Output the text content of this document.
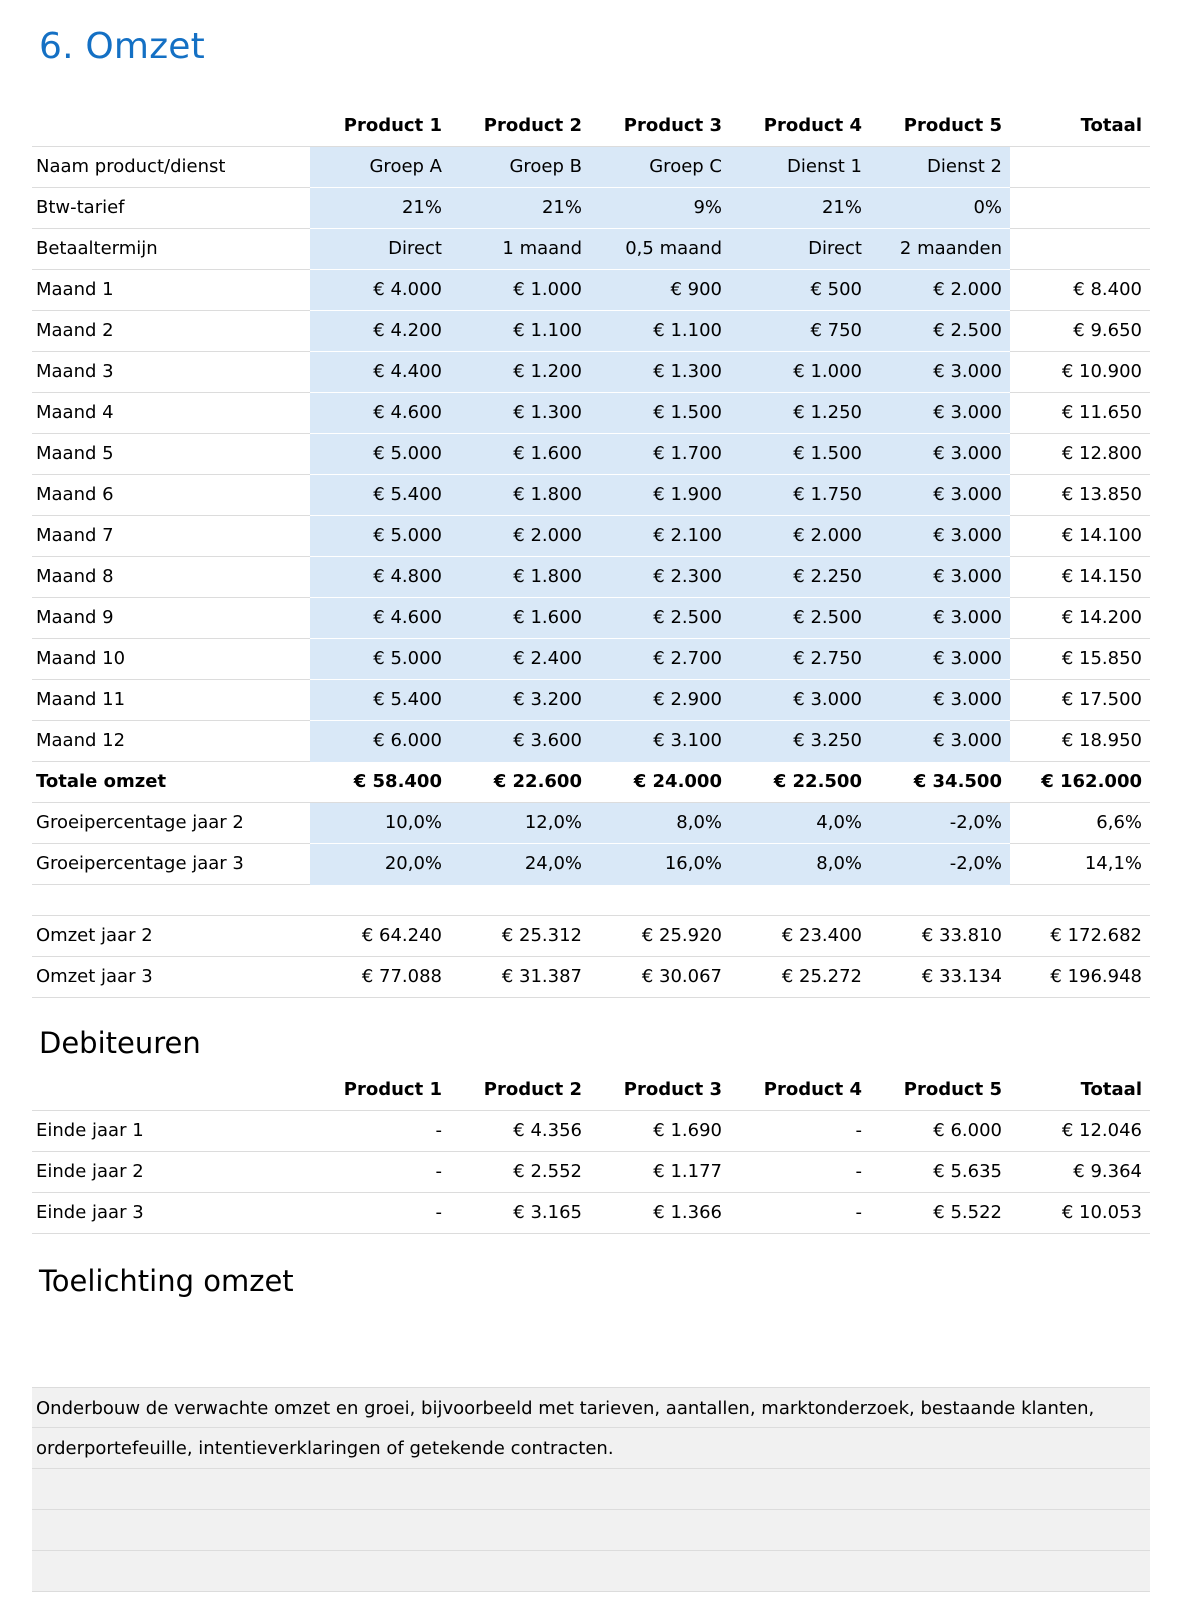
6. Omzet
	Product 1	Product 2	Product 3	Product 4	Product 5	Totaal
Naam product/dienst	Groep A	Groep B	Groep C	Dienst 1	Dienst 2	
Btw-tarief	21%	21%	9%	21%	0%	
Betaaltermijn	Direct	1 maand	0,5 maand	Direct	2 maanden	
Maand 1	€ 4.000	€ 1.000	€ 900	€ 500	€ 2.000	€ 8.400
Maand 2	€ 4.200	€ 1.100	€ 1.100	€ 750	€ 2.500	€ 9.650
Maand 3	€ 4.400	€ 1.200	€ 1.300	€ 1.000	€ 3.000	€ 10.900
Maand 4	€ 4.600	€ 1.300	€ 1.500	€ 1.250	€ 3.000	€ 11.650
Maand 5	€ 5.000	€ 1.600	€ 1.700	€ 1.500	€ 3.000	€ 12.800
Maand 6	€ 5.400	€ 1.800	€ 1.900	€ 1.750	€ 3.000	€ 13.850
Maand 7	€ 5.000	€ 2.000	€ 2.100	€ 2.000	€ 3.000	€ 14.100
Maand 8	€ 4.800	€ 1.800	€ 2.300	€ 2.250	€ 3.000	€ 14.150
Maand 9	€ 4.600	€ 1.600	€ 2.500	€ 2.500	€ 3.000	€ 14.200
Maand 10	€ 5.000	€ 2.400	€ 2.700	€ 2.750	€ 3.000	€ 15.850
Maand 11	€ 5.400	€ 3.200	€ 2.900	€ 3.000	€ 3.000	€ 17.500
Maand 12	€ 6.000	€ 3.600	€ 3.100	€ 3.250	€ 3.000	€ 18.950
Totale omzet	€ 58.400	€ 22.600	€ 24.000	€ 22.500	€ 34.500	€ 162.000
Groeipercentage jaar 2	10,0%	12,0%	8,0%	4,0%	-2,0%	6,6%
Groeipercentage jaar 3	20,0%	24,0%	16,0%	8,0%	-2,0%	14,1%

Omzet jaar 2	€ 64.240	€ 25.312	€ 25.920	€ 23.400	€ 33.810	€ 172.682
Omzet jaar 3	€ 77.088	€ 31.387	€ 30.067	€ 25.272	€ 33.134	€ 196.948
Debiteuren
	Product 1	Product 2	Product 3	Product 4	Product 5	Totaal
Einde jaar 1	-	€ 4.356	€ 1.690	-	€ 6.000	€ 12.046
Einde jaar 2	-	€ 2.552	€ 1.177	-	€ 5.635	€ 9.364
Einde jaar 3	-	€ 3.165	€ 1.366	-	€ 5.522	€ 10.053
Toelichting omzet
Onderbouw de verwachte omzet en groei, bijvoorbeeld met tarieven, aantallen, marktonderzoek, bestaande klanten,
orderportefeuille, intentieverklaringen of getekende contracten.
